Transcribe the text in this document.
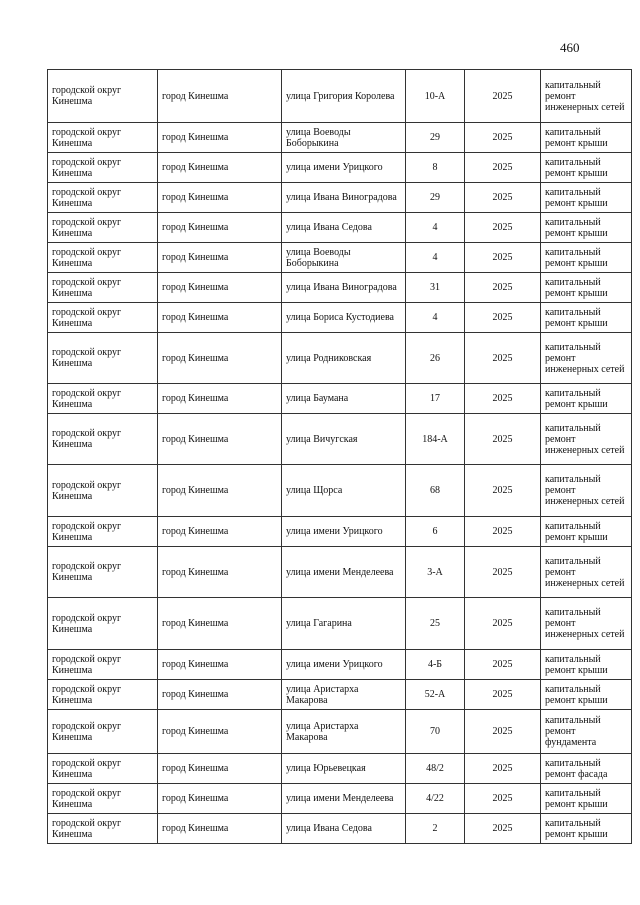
460
городской округ Кинешма	город Кинешма	улица Григория Королева	10-А	2025	капитальный ремонт инженерных сетей
городской округ Кинешма	город Кинешма	улица Воеводы Боборыкина	29	2025	капитальный ремонт крыши
городской округ Кинешма	город Кинешма	улица имени Урицкого	8	2025	капитальный ремонт крыши
городской округ Кинешма	город Кинешма	улица Ивана Виноградова	29	2025	капитальный ремонт крыши
городской округ Кинешма	город Кинешма	улица Ивана Седова	4	2025	капитальный ремонт крыши
городской округ Кинешма	город Кинешма	улица Воеводы Боборыкина	4	2025	капитальный ремонт крыши
городской округ Кинешма	город Кинешма	улица Ивана Виноградова	31	2025	капитальный ремонт крыши
городской округ Кинешма	город Кинешма	улица Бориса Кустодиева	4	2025	капитальный ремонт крыши
городской округ Кинешма	город Кинешма	улица Родниковская	26	2025	капитальный ремонт инженерных сетей
городской округ Кинешма	город Кинешма	улица Баумана	17	2025	капитальный ремонт крыши
городской округ Кинешма	город Кинешма	улица Вичугская	184-А	2025	капитальный ремонт инженерных сетей
городской округ Кинешма	город Кинешма	улица Щорса	68	2025	капитальный ремонт инженерных сетей
городской округ Кинешма	город Кинешма	улица имени Урицкого	6	2025	капитальный ремонт крыши
городской округ Кинешма	город Кинешма	улица имени Менделеева	3-А	2025	капитальный ремонт инженерных сетей
городской округ Кинешма	город Кинешма	улица Гагарина	25	2025	капитальный ремонт инженерных сетей
городской округ Кинешма	город Кинешма	улица имени Урицкого	4-Б	2025	капитальный ремонт крыши
городской округ Кинешма	город Кинешма	улица Аристарха Макарова	52-А	2025	капитальный ремонт крыши
городской округ Кинешма	город Кинешма	улица Аристарха Макарова	70	2025	капитальный ремонт фундамента
городской округ Кинешма	город Кинешма	улица Юрьевецкая	48/2	2025	капитальный ремонт фасада
городской округ Кинешма	город Кинешма	улица имени Менделеева	4/22	2025	капитальный ремонт крыши
городской округ Кинешма	город Кинешма	улица Ивана Седова	2	2025	капитальный ремонт крыши
